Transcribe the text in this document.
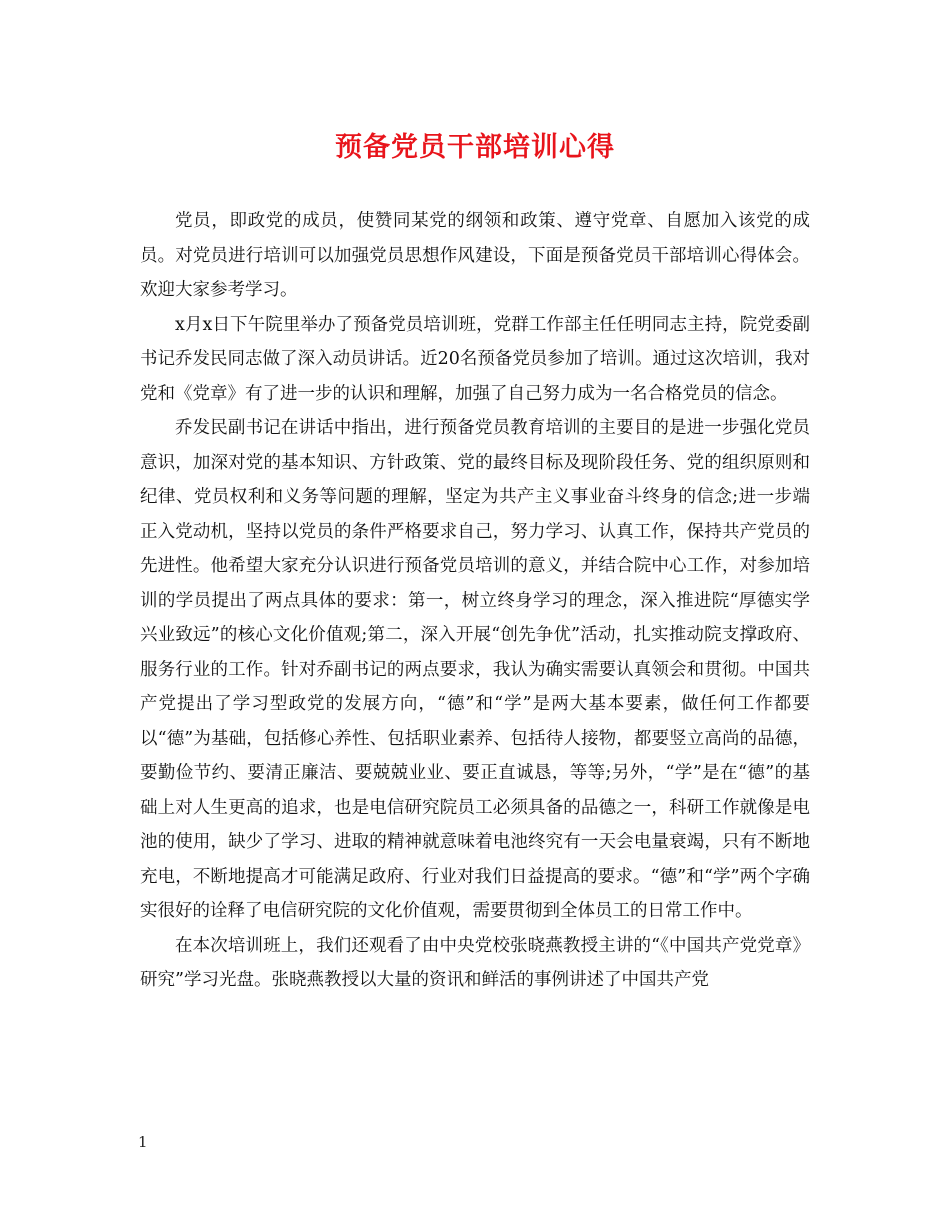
预备党员干部培训心得

党员，即政党的成员，使赞同某党的纲领和政策、遵守党章、自愿加入该党的成员。对党员进行培训可以加强党员思想作风建设，下面是预备党员干部培训心得体会。欢迎大家参考学习。

x月x日下午院里举办了预备党员培训班，党群工作部主任任明同志主持，院党委副书记乔发民同志做了深入动员讲话。近20名预备党员参加了培训。通过这次培训，我对党和《党章》有了进一步的认识和理解，加强了自己努力成为一名合格党员的信念。

乔发民副书记在讲话中指出，进行预备党员教育培训的主要目的是进一步强化党员意识，加深对党的基本知识、方针政策、党的最终目标及现阶段任务、党的组织原则和纪律、党员权利和义务等问题的理解，坚定为共产主义事业奋斗终身的信念;进一步端正入党动机，坚持以党员的条件严格要求自己，努力学习、认真工作，保持共产党员的先进性。他希望大家充分认识进行预备党员培训的意义，并结合院中心工作，对参加培训的学员提出了两点具体的要求：第一，树立终身学习的理念，深入推进院“厚德实学 兴业致远”的核心文化价值观;第二，深入开展“创先争优”活动，扎实推动院支撑政府、服务行业的工作。针对乔副书记的两点要求，我认为确实需要认真领会和贯彻。中国共产党提出了学习型政党的发展方向，“德”和“学”是两大基本要素，做任何工作都要以“德”为基础，包括修心养性、包括职业素养、包括待人接物，都要竖立高尚的品德，要勤俭节约、要清正廉洁、要兢兢业业、要正直诚恳，等等;另外，“学”是在“德”的基础上对人生更高的追求，也是电信研究院员工必须具备的品德之一，科研工作就像是电池的使用，缺少了学习、进取的精神就意味着电池终究有一天会电量衰竭，只有不断地充电，不断地提高才可能满足政府、行业对我们日益提高的要求。“德”和“学”两个字确实很好的诠释了电信研究院的文化价值观，需要贯彻到全体员工的日常工作中。

在本次培训班上，我们还观看了由中央党校张晓燕教授主讲的“《中国共产党党章》研究”学习光盘。张晓燕教授以大量的资讯和鲜活的事例讲述了中国共产党

1
